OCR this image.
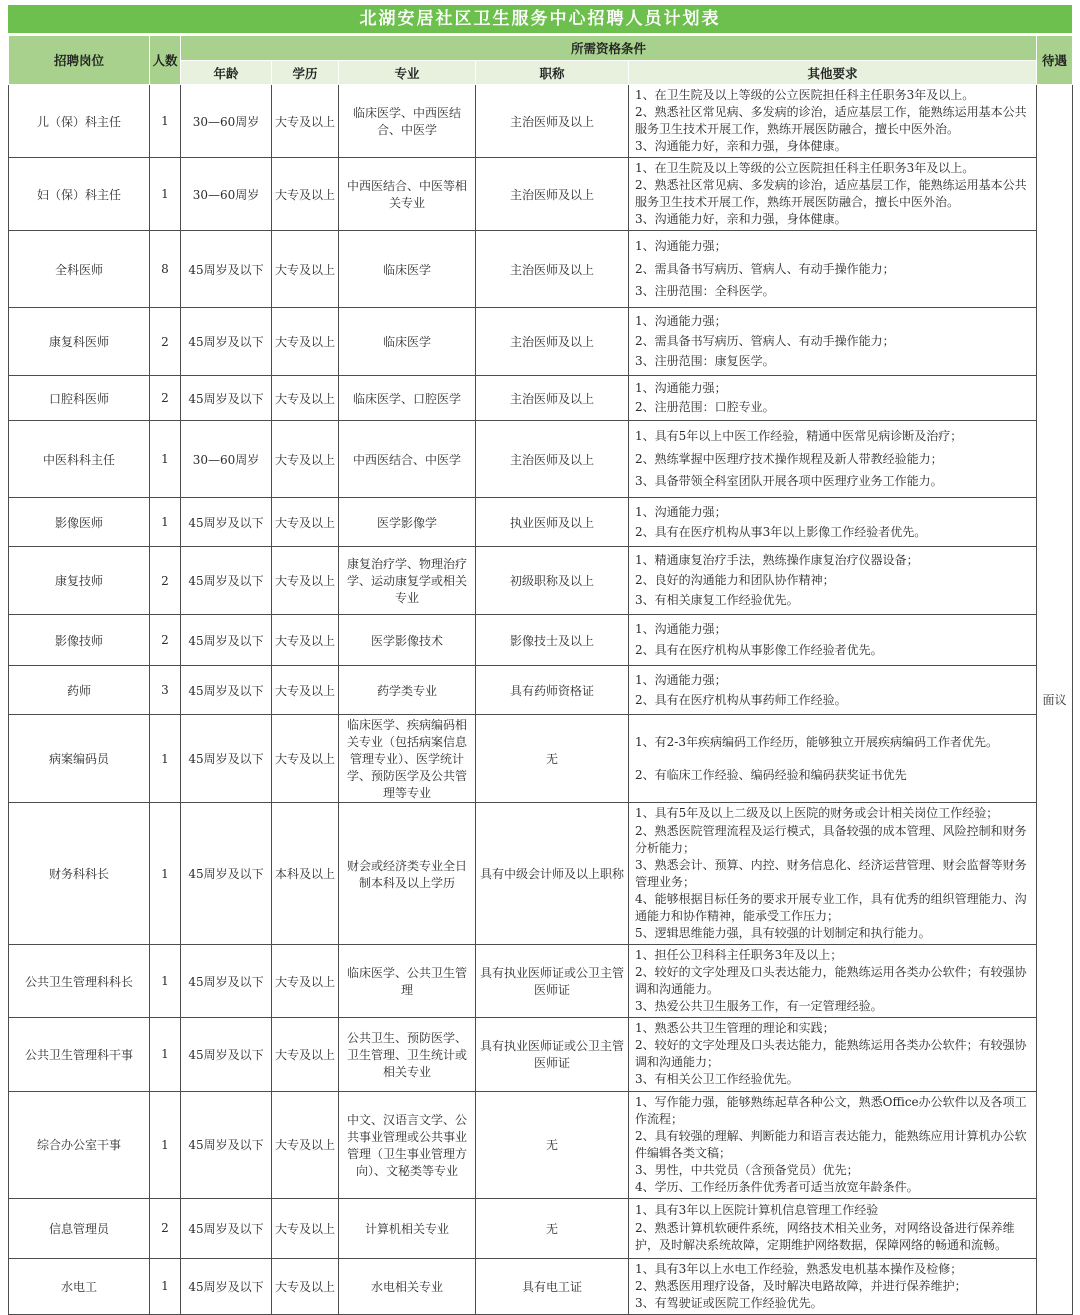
北湖安居社区卫生服务中心招聘人员计划表
招聘岗位	人数	所需资格条件					待遇
		年龄	学历	专业	职称	其他要求	
儿（保）科主任	1	30—60周岁	大专及以上	临床医学、中西医结合、中医学	主治医师及以上	1、在卫生院及以上等级的公立医院担任科主任职务3年及以上。
2、熟悉社区常见病、多发病的诊治，适应基层工作，能熟练运用基本公共服务卫生技术开展工作，熟练开展医防融合，擅长中医外治。
3、沟通能力好，亲和力强，身体健康。	面议
妇（保）科主任	1	30—60周岁	大专及以上	中西医结合、中医等相关专业	主治医师及以上	1、在卫生院及以上等级的公立医院担任科主任职务3年及以上。
2、熟悉社区常见病、多发病的诊治，适应基层工作，能熟练运用基本公共服务卫生技术开展工作，熟练开展医防融合，擅长中医外治。
3、沟通能力好，亲和力强，身体健康。	

全科医师	8	45周岁及以下	大专及以上	临床医学	主治医师及以上	1、沟通能力强；
2、需具备书写病历、管病人、有动手操作能力；
3、注册范围：全科医学。	

康复科医师	2	45周岁及以下	大专及以上	临床医学	主治医师及以上	1、沟通能力强；
2、需具备书写病历、管病人、有动手操作能力；
3、注册范围：康复医学。	

口腔科医师	2	45周岁及以下	大专及以上	临床医学、口腔医学	主治医师及以上	1、沟通能力强；
2、注册范围：口腔专业。	

中医科科主任	1	30—60周岁	大专及以上	中西医结合、中医学	主治医师及以上	1、具有5年以上中医工作经验，精通中医常见病诊断及治疗；
2、熟练掌握中医理疗技术操作规程及新人带教经验能力；
3、具备带领全科室团队开展各项中医理疗业务工作能力。	

影像医师	1	45周岁及以下	大专及以上	医学影像学	执业医师及以上	1、沟通能力强；
2、具有在医疗机构从事3年以上影像工作经验者优先。	

康复技师	2	45周岁及以下	大专及以上	康复治疗学、物理治疗学、运动康复学或相关专业	初级职称及以上	1、精通康复治疗手法，熟练操作康复治疗仪器设备；
2、良好的沟通能力和团队协作精神；
3、有相关康复工作经验优先。	

影像技师	2	45周岁及以下	大专及以上	医学影像技术	影像技士及以上	1、沟通能力强；
2、具有在医疗机构从事影像工作经验者优先。	

药师	3	45周岁及以下	大专及以上	药学类专业	具有药师资格证	1、沟通能力强；
2、具有在医疗机构从事药师工作经验。	

病案编码员	1	45周岁及以下	大专及以上	临床医学、疾病编码相关专业（包括病案信息管理专业）、医学统计学、预防医学及公共管理等专业	无	1、有2-3年疾病编码工作经历，能够独立开展疾病编码工作者优先。
2、有临床工作经验、编码经验和编码获奖证书优先	

财务科科长	1	45周岁及以下	本科及以上	财会或经济类专业全日制本科及以上学历	具有中级会计师及以上职称	1、具有5年及以上二级及以上医院的财务或会计相关岗位工作经验；
2、熟悉医院管理流程及运行模式，具备较强的成本管理、风险控制和财务分析能力；
3、熟悉会计、预算、内控、财务信息化、经济运营管理、财会监督等财务管理业务；
4、能够根据目标任务的要求开展专业工作，具有优秀的组织管理能力、沟通能力和协作精神，能承受工作压力；
5、逻辑思维能力强，具有较强的计划制定和执行能力。	

公共卫生管理科科长	1	45周岁及以下	大专及以上	临床医学、公共卫生管理	具有执业医师证或公卫主管医师证	1、担任公卫科科主任职务3年及以上；
2、较好的文字处理及口头表达能力，能熟练运用各类办公软件；有较强协调和沟通能力。
3、热爱公共卫生服务工作，有一定管理经验。	

公共卫生管理科干事	1	45周岁及以下	大专及以上	公共卫生、预防医学、卫生管理、卫生统计或相关专业	具有执业医师证或公卫主管医师证	1、熟悉公共卫生管理的理论和实践；
2、较好的文字处理及口头表达能力，能熟练运用各类办公软件；有较强协调和沟通能力；
3、有相关公卫工作经验优先。	

综合办公室干事	1	45周岁及以下	大专及以上	中文、汉语言文学、公共事业管理或公共事业管理（卫生事业管理方向）、文秘类等专业	无	1、写作能力强，能够熟练起草各种公文，熟悉Office办公软件以及各项工作流程；
2、具有较强的理解、判断能力和语言表达能力，能熟练应用计算机办公软件编辑各类文稿；
3、男性，中共党员（含预备党员）优先；
4、学历、工作经历条件优秀者可适当放宽年龄条件。	

信息管理员	2	45周岁及以下	大专及以上	计算机相关专业	无	1、具有3年以上医院计算机信息管理工作经验
2、熟悉计算机软硬件系统，网络技术相关业务，对网络设备进行保养维护，及时解决系统故障，定期维护网络数据，保障网络的畅通和流畅。	

水电工	1	45周岁及以下	大专及以上	水电相关专业	具有电工证	1、具有3年以上水电工作经验，熟悉发电机基本操作及检修；
2、熟悉医用理疗设备，及时解决电路故障，并进行保养维护；
3、有驾驶证或医院工作经验优先。	
